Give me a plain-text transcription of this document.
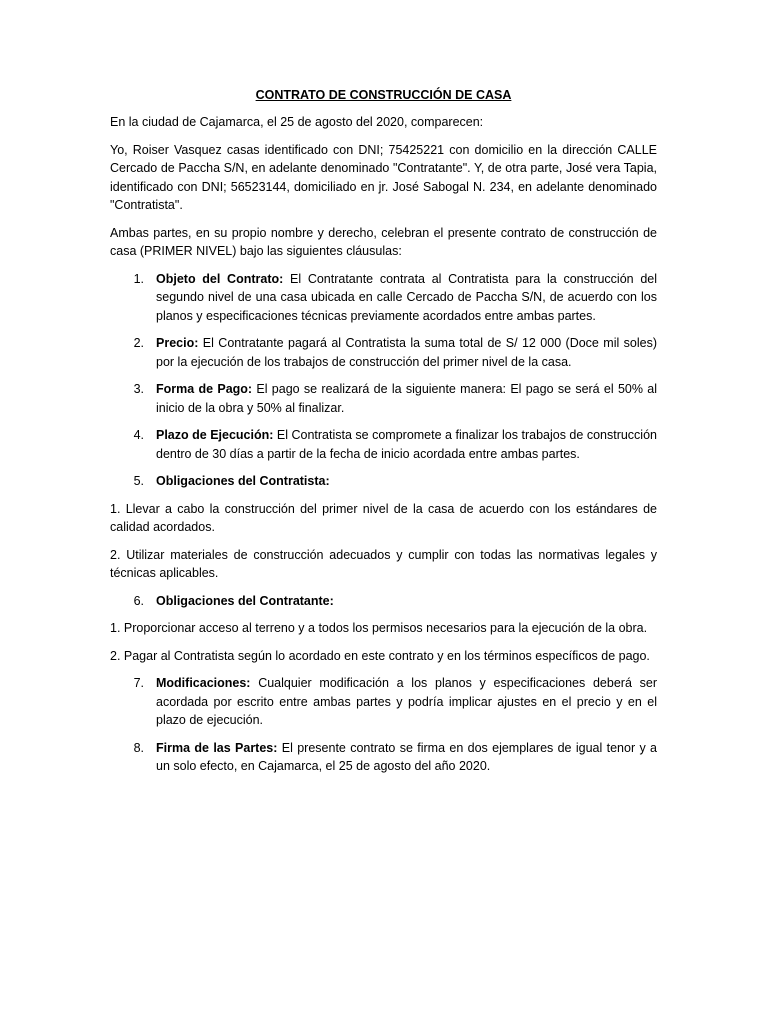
CONTRATO DE CONSTRUCCIÓN DE CASA

En la ciudad de Cajamarca, el 25 de agosto del 2020, comparecen:

Yo, Roiser Vasquez casas identificado con DNI; 75425221 con domicilio en la dirección CALLE Cercado de Paccha S/N, en adelante denominado "Contratante". Y, de otra parte, José vera Tapia, identificado con DNI; 56523144, domiciliado en jr. José Sabogal N. 234, en adelante denominado "Contratista".

Ambas partes, en su propio nombre y derecho, celebran el presente contrato de construcción de casa (PRIMER NIVEL) bajo las siguientes cláusulas:

1. Objeto del Contrato: El Contratante contrata al Contratista para la construcción del segundo nivel de una casa ubicada en calle Cercado de Paccha S/N, de acuerdo con los planos y especificaciones técnicas previamente acordados entre ambas partes.
2. Precio: El Contratante pagará al Contratista la suma total de S/ 12 000 (Doce mil soles) por la ejecución de los trabajos de construcción del primer nivel de la casa.
3. Forma de Pago: El pago se realizará de la siguiente manera: El pago se será el 50% al inicio de la obra y 50% al finalizar.
4. Plazo de Ejecución: El Contratista se compromete a finalizar los trabajos de construcción dentro de 30 días a partir de la fecha de inicio acordada entre ambas partes.
5. Obligaciones del Contratista:

1. Llevar a cabo la construcción del primer nivel de la casa de acuerdo con los estándares de calidad acordados.

2. Utilizar materiales de construcción adecuados y cumplir con todas las normativas legales y técnicas aplicables.

6. Obligaciones del Contratante:

1. Proporcionar acceso al terreno y a todos los permisos necesarios para la ejecución de la obra.

2. Pagar al Contratista según lo acordado en este contrato y en los términos específicos de pago.

7. Modificaciones: Cualquier modificación a los planos y especificaciones deberá ser acordada por escrito entre ambas partes y podría implicar ajustes en el precio y en el plazo de ejecución.
8. Firma de las Partes: El presente contrato se firma en dos ejemplares de igual tenor y a un solo efecto, en Cajamarca, el 25 de agosto del año 2020.
